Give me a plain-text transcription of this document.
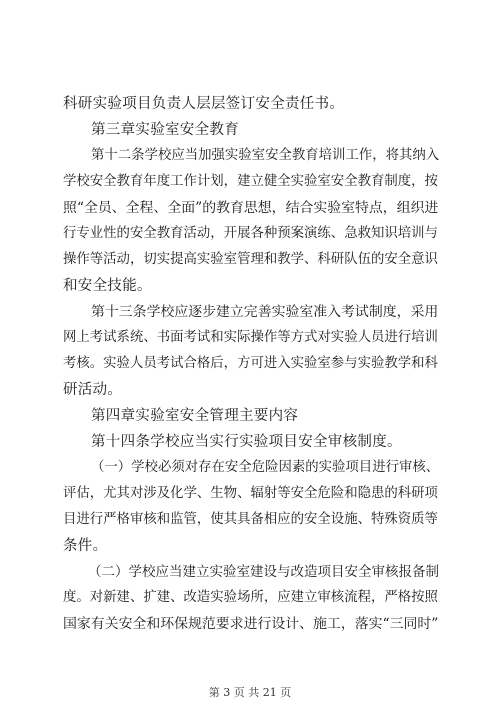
科研实验项目负责人层层签订安全责任书。
第三章实验室安全教育
第十二条学校应当加强实验室安全教育培训工作，将其纳入
学校安全教育年度工作计划，建立健全实验室安全教育制度，按
照“全员、全程、全面”的教育思想，结合实验室特点，组织进
行专业性的安全教育活动，开展各种预案演练、急救知识培训与
操作等活动，切实提高实验室管理和教学、科研队伍的安全意识
和安全技能。
第十三条学校应逐步建立完善实验室准入考试制度，采用
网上考试系统、书面考试和实际操作等方式对实验人员进行培训
考核。实验人员考试合格后，方可进入实验室参与实验教学和科
研活动。
第四章实验室安全管理主要内容
第十四条学校应当实行实验项目安全审核制度。
（一）学校必须对存在安全危险因素的实验项目进行审核、
评估，尤其对涉及化学、生物、辐射等安全危险和隐患的科研项
目进行严格审核和监管，使其具备相应的安全设施、特殊资质等
条件。
（二）学校应当建立实验室建设与改造项目安全审核报备制
度。对新建、扩建、改造实验场所，应建立审核流程，严格按照
国家有关安全和环保规范要求进行设计、施工，落实“三同时”
第 3 页 共 21 页
